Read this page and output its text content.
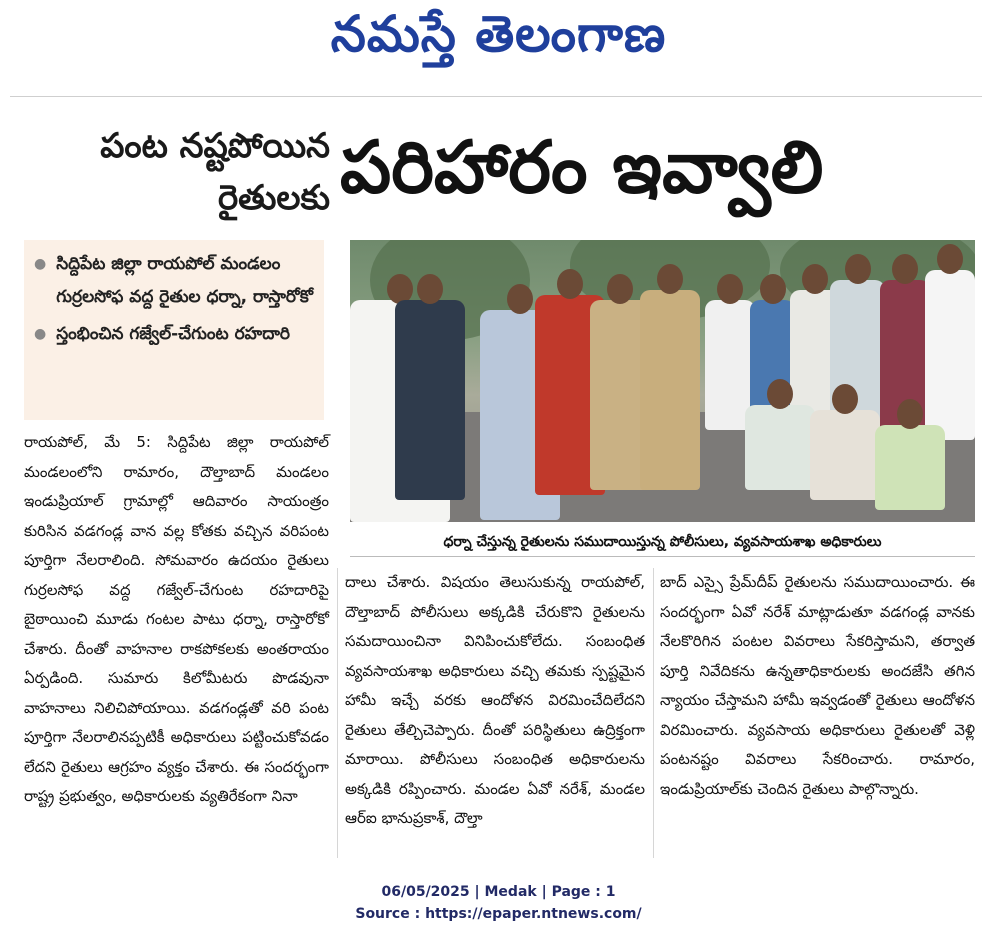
నమస్తే తెలంగాణ
పంట నష్టపోయిన
రైతులకు పరిహారం ఇవ్వాలి
● సిద్దిపేట జిల్లా రాయపోల్ మండలం గుర్రలసోఫ వద్ద రైతుల ధర్నా, రాస్తారోకో
● స్తంభించిన గజ్వేల్-చేగుంట రహదారి
ధర్నా చేస్తున్న రైతులను సముదాయిస్తున్న పోలీసులు, వ్యవసాయశాఖ అధికారులు
రాయపోల్, మే 5: సిద్దిపేట జిల్లా రాయపోల్ మండలంలోని రామారం, దౌల్తాబాద్ మండలం ఇండుప్రియాల్ గ్రామాల్లో ఆదివారం సాయంత్రం కురిసిన వడగండ్ల వాన వల్ల కోతకు వచ్చిన వరిపంట పూర్తిగా నేలరాలింది. సోమవారం ఉదయం రైతులు గుర్రలసోఫ వద్ద గజ్వేల్-చేగుంట రహదారిపై బైఠాయించి మూడు గంటల పాటు ధర్నా, రాస్తారోకో చేశారు. దీంతో వాహనాల రాకపోకలకు అంతరాయం ఏర్పడింది. సుమారు కిలోమీటరు పొడవునా వాహనాలు నిలిచిపోయాయి. వడగండ్లతో వరి పంట పూర్తిగా నేలరాలినప్పటికీ అధికారులు పట్టించుకోవడం లేదని రైతులు ఆగ్రహం వ్యక్తం చేశారు. ఈ సందర్భంగా రాష్ట్ర ప్రభుత్వం, అధికారులకు వ్యతిరేకంగా నినా
దాలు చేశారు. విషయం తెలుసుకున్న రాయపోల్, దౌల్తాబాద్ పోలీసులు అక్కడికి చేరుకొని రైతులను సమదాయించినా వినిపించుకోలేదు. సంబంధిత వ్యవసాయశాఖ అధికారులు వచ్చి తమకు స్పష్టమైన హామీ ఇచ్చే వరకు ఆందోళన విరమించేదిలేదని రైతులు తేల్చిచెప్పారు. దీంతో పరిస్థితులు ఉద్రిక్తంగా మారాయి. పోలీసులు సంబంధిత అధికారులను అక్కడికి రప్పించారు. మండల ఏవో నరేశ్, మండల ఆర్ఐ భానుప్రకాశ్, దౌల్తా
బాద్ ఎస్సై ప్రేమ్‌దీప్ రైతులను సముదాయించారు. ఈ సందర్భంగా ఏవో నరేశ్ మాట్లాడుతూ వడగండ్ల వానకు నేలకొరిగిన పంటల వివరాలు సేకరిస్తామని, తర్వాత పూర్తి నివేదికను ఉన్నతాధికారులకు అందజేసి తగిన న్యాయం చేస్తామని హామీ ఇవ్వడంతో రైతులు ఆందోళన విరమించారు. వ్యవసాయ అధికారులు రైతులతో వెళ్లి పంటనష్టం వివరాలు సేకరించారు. రామారం, ఇండుప్రియాల్‌కు చెందిన రైతులు పాల్గొన్నారు.
06/05/2025 | Medak | Page : 1
Source : https://epaper.ntnews.com/
